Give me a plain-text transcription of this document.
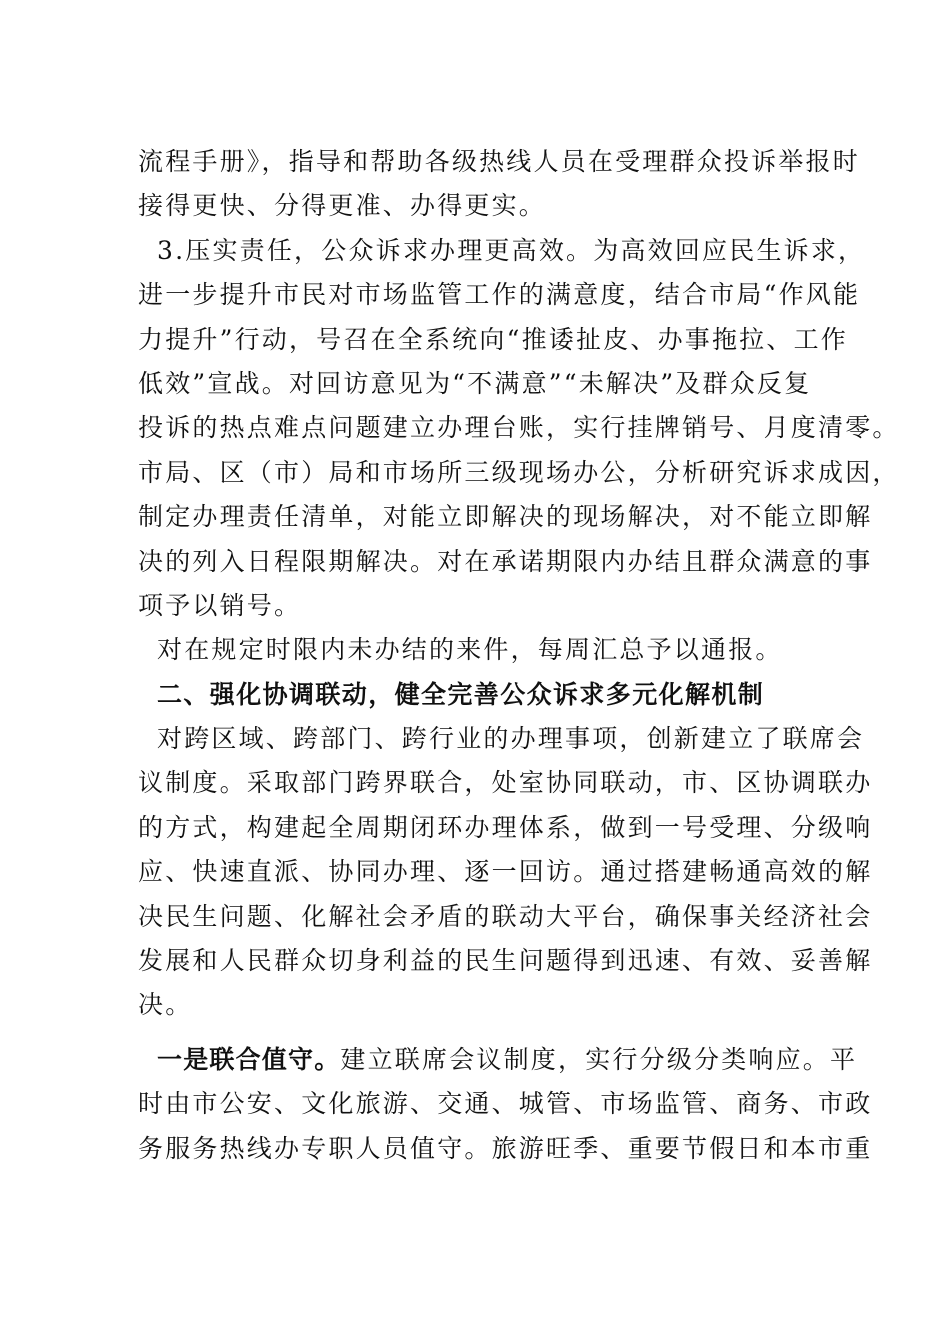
流程手册》，指导和帮助各级热线人员在受理群众投诉举报时
接得更快、分得更准、办得更实。
3.压实责任，公众诉求办理更高效。为高效回应民生诉求，
进一步提升市民对市场监管工作的满意度，结合市局“作风能
力提升”行动，号召在全系统向“推诿扯皮、办事拖拉、工作
低效”宣战。对回访意见为“不满意”“未解决”及群众反复
投诉的热点难点问题建立办理台账，实行挂牌销号、月度清零。
市局、区（市）局和市场所三级现场办公，分析研究诉求成因，
制定办理责任清单，对能立即解决的现场解决，对不能立即解
决的列入日程限期解决。对在承诺期限内办结且群众满意的事
项予以销号。
对在规定时限内未办结的来件，每周汇总予以通报。
二、强化协调联动，健全完善公众诉求多元化解机制
对跨区域、跨部门、跨行业的办理事项，创新建立了联席会
议制度。采取部门跨界联合，处室协同联动，市、区协调联办
的方式，构建起全周期闭环办理体系，做到一号受理、分级响
应、快速直派、协同办理、逐一回访。通过搭建畅通高效的解
决民生问题、化解社会矛盾的联动大平台，确保事关经济社会
发展和人民群众切身利益的民生问题得到迅速、有效、妥善解
决。
一是联合值守。建立联席会议制度，实行分级分类响应。平
时由市公安、文化旅游、交通、城管、市场监管、商务、市政
务服务热线办专职人员值守。旅游旺季、重要节假日和本市重
